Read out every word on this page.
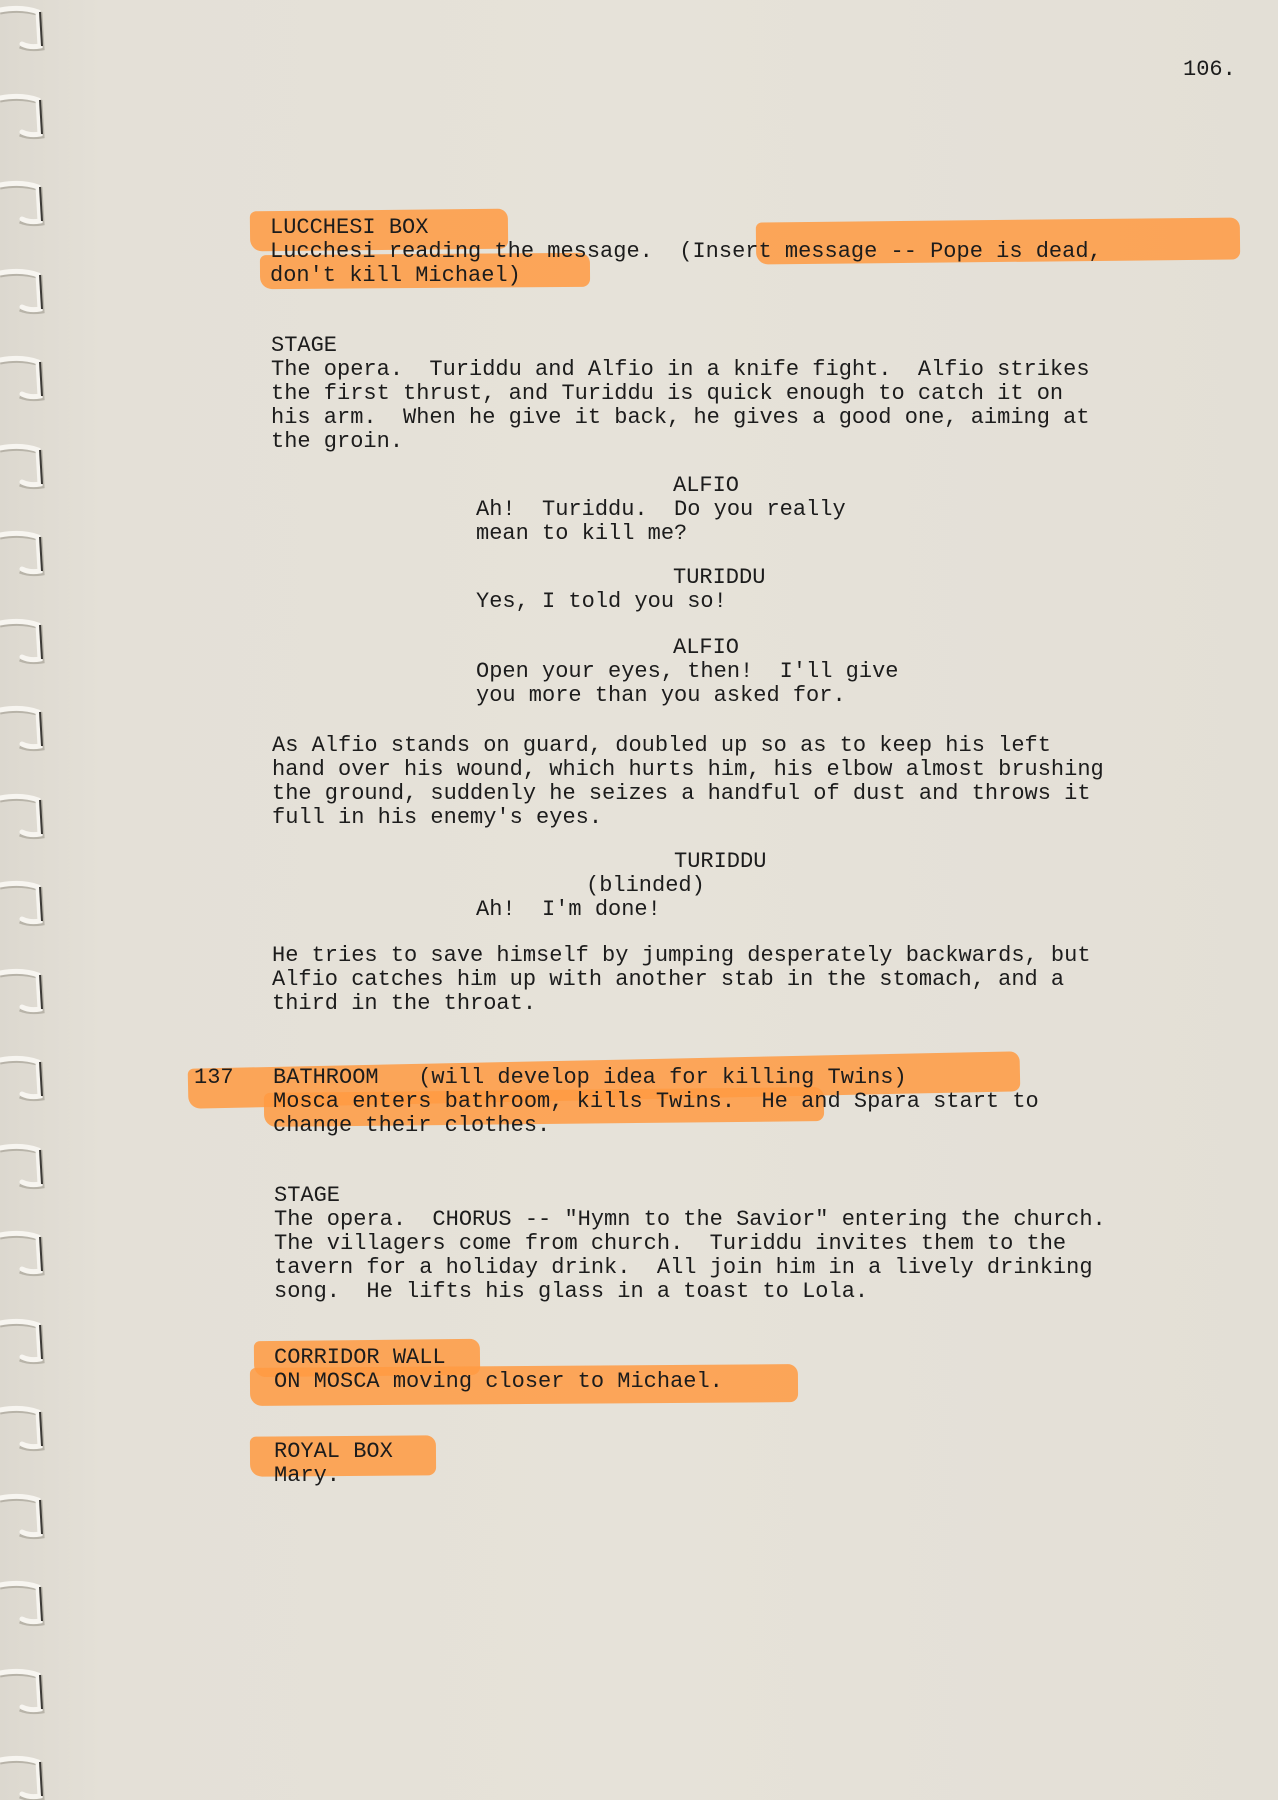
106.
LUCCHESI BOX
Lucchesi reading the message.  (Insert message -- Pope is dead,
don't kill Michael)
STAGE
The opera.  Turiddu and Alfio in a knife fight.  Alfio strikes
the first thrust, and Turiddu is quick enough to catch it on
his arm.  When he give it back, he gives a good one, aiming at
the groin.
ALFIO
Ah!  Turiddu.  Do you really
mean to kill me?
TURIDDU
Yes, I told you so!
ALFIO
Open your eyes, then!  I'll give
you more than you asked for.
As Alfio stands on guard, doubled up so as to keep his left
hand over his wound, which hurts him, his elbow almost brushing
the ground, suddenly he seizes a handful of dust and throws it
full in his enemy's eyes.
TURIDDU
(blinded)
Ah!  I'm done!
He tries to save himself by jumping desperately backwards, but
Alfio catches him up with another stab in the stomach, and a
third in the throat.
137 BATHROOM   (will develop idea for killing Twins)
Mosca enters bathroom, kills Twins.  He and Spara start to
change their clothes.
STAGE
The opera.  CHORUS -- "Hymn to the Savior" entering the church.
The villagers come from church.  Turiddu invites them to the
tavern for a holiday drink.  All join him in a lively drinking
song.  He lifts his glass in a toast to Lola.
CORRIDOR WALL
ON MOSCA moving closer to Michael.
ROYAL BOX
Mary.
